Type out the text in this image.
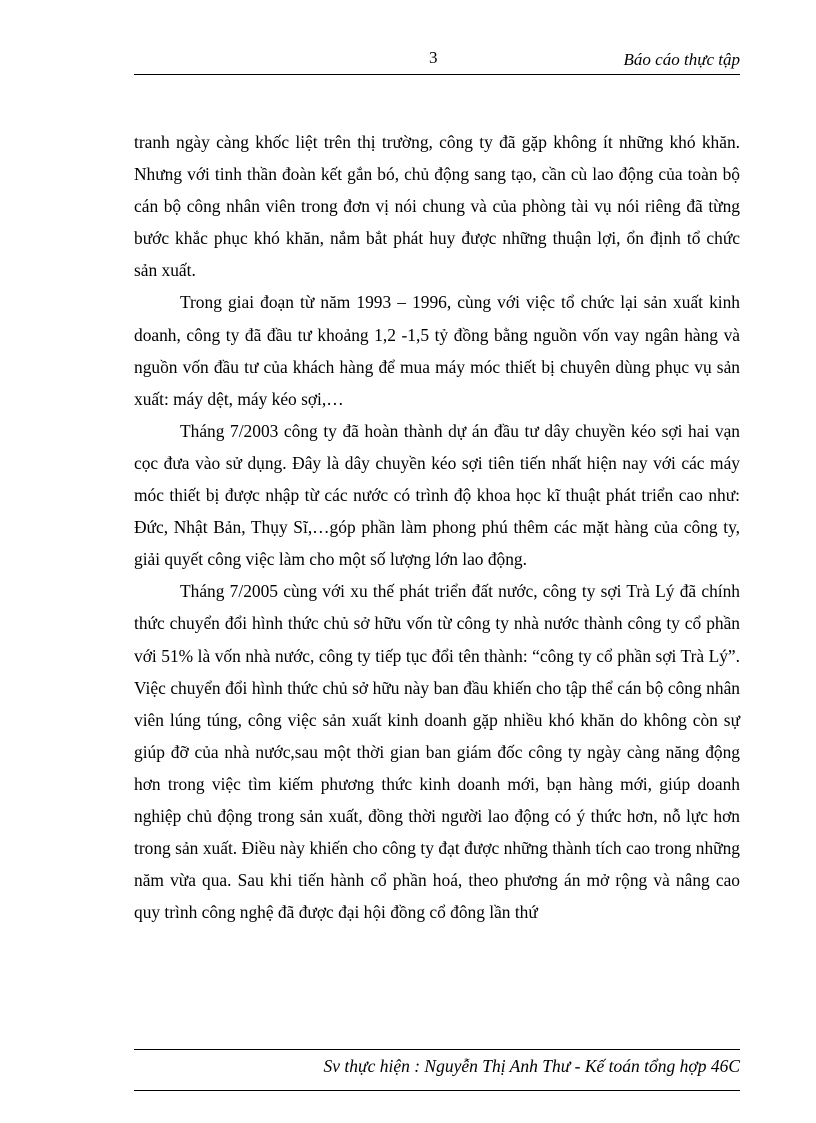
3	Báo cáo thực tập

tranh ngày càng khốc liệt trên thị trường, công ty đã gặp không ít những khó khăn. Nhưng với tinh thần đoàn kết gắn bó, chủ động sang tạo, cần cù lao động của toàn bộ cán bộ công nhân viên trong đơn vị nói chung và của phòng tài vụ nói riêng đã từng bước khắc phục khó khăn, nắm bắt phát huy được những thuận lợi, ổn định tổ chức sản xuất.

Trong giai đoạn từ năm 1993 – 1996, cùng với việc tổ chức lại sản xuất kinh doanh, công ty đã đầu tư khoảng 1,2 -1,5 tỷ đồng bằng nguồn vốn vay ngân hàng và nguồn vốn đầu tư của khách hàng để mua máy móc thiết bị chuyên dùng phục vụ sản xuất: máy dệt, máy kéo sợi,…

Tháng 7/2003 công ty đã hoàn thành dự án đầu tư dây chuyền kéo sợi hai vạn cọc đưa vào sử dụng. Đây là dây chuyền kéo sợi tiên tiến nhất hiện nay với các máy móc thiết bị được nhập từ các nước có trình độ khoa học kĩ thuật phát triển cao như: Đức, Nhật Bản, Thụy Sĩ,…góp phần làm phong phú thêm các mặt hàng của công ty, giải quyết công việc làm cho một số lượng lớn lao động.

Tháng 7/2005 cùng với xu thế phát triển đất nước, công ty sợi Trà Lý đã chính thức chuyển đổi hình thức chủ sở hữu vốn từ công ty nhà nước thành công ty cổ phần với 51% là vốn nhà nước, công ty tiếp tục đổi tên thành: “công ty cổ phần sợi Trà Lý”. Việc chuyển đổi hình thức chủ sở hữu này ban đầu khiến cho tập thể cán bộ công nhân viên lúng túng, công việc sản xuất kinh doanh gặp nhiều khó khăn do không còn sự giúp đỡ của nhà nước,sau một thời gian ban giám đốc công ty ngày càng năng động hơn trong việc tìm kiếm phương thức kinh doanh mới, bạn hàng mới, giúp doanh nghiệp chủ động trong sản xuất, đồng thời người lao động có ý thức hơn, nỗ lực hơn trong sản xuất. Điều này khiến cho công ty đạt được những thành tích cao trong những năm vừa qua. Sau khi tiến hành cổ phần hoá, theo phương án mở rộng và nâng cao quy trình công nghệ đã được đại hội đồng cổ đông lần thứ

Sv thực hiện : Nguyễn Thị Anh Thư - Kế toán tổng hợp 46C
